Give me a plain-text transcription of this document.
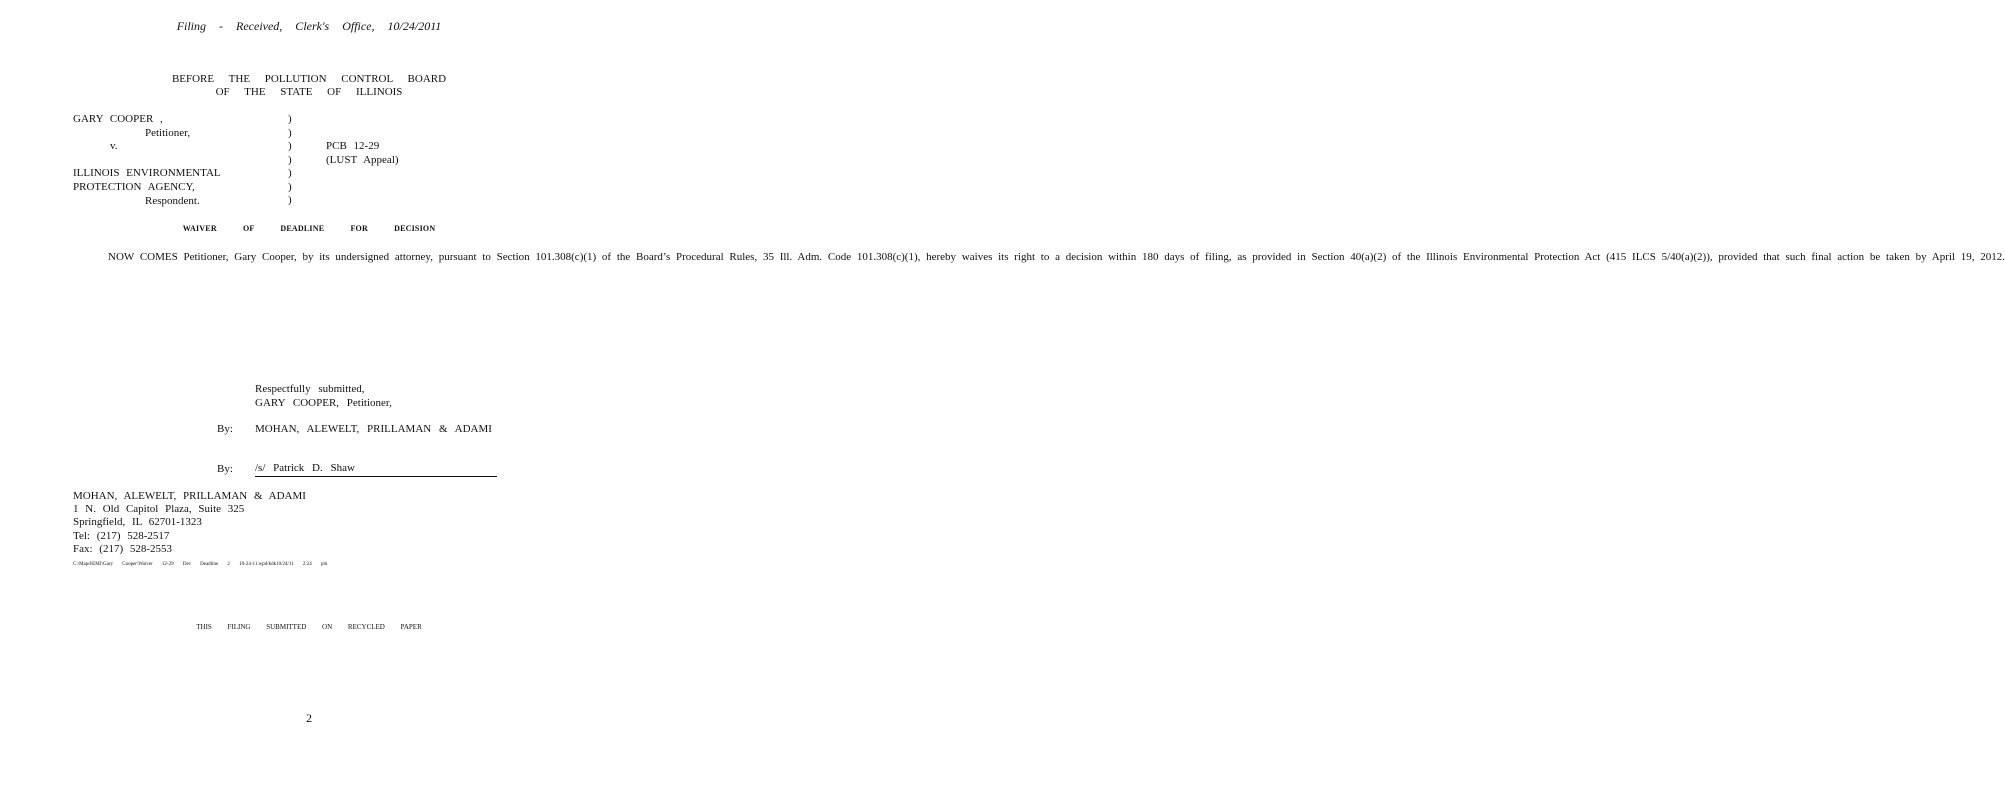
Filing - Received, Clerk's Office, 10/24/2011
BEFORE THE POLLUTION CONTROL BOARD
OF THE STATE OF ILLINOIS
GARY COOPER ,
Petitioner,
v.
ILLINOIS ENVIRONMENTAL
PROTECTION AGENCY,
Respondent.
)
)
)
)
)
)
)
PCB 12-29
(LUST Appeal)
WAIVER OF DEADLINE FOR DECISION

NOW COMES Petitioner, Gary Cooper, by its undersigned attorney, pursuant to Section 101.308(c)(1) of the Board’s Procedural Rules, 35 Ill. Adm. Code 101.308(c)(1), hereby waives its right to a decision within 180 days of filing, as provided in Section 40(a)(2) of the Illinois Environmental Protection Act (415 ILCS 5/40(a)(2)), provided that such final action be taken by April 19, 2012.

Respectfully submitted,
GARY COOPER, Petitioner,
By: MOHAN, ALEWELT, PRILLAMAN & ADAMI
By: /s/ Patrick D. Shaw
MOHAN, ALEWELT, PRILLAMAN & ADAMI
1 N. Old Capitol Plaza, Suite 325
Springfield, IL 62701-1323
Tel: (217) 528-2517
Fax: (217) 528-2553
C:\Mapd\EMJ\Gary Cooper\Waiver 12-29 Dec Deadline 2 10-24-11.wpd/kdk10/24/11 2:24 pm
THIS FILING SUBMITTED ON RECYCLED PAPER
2
